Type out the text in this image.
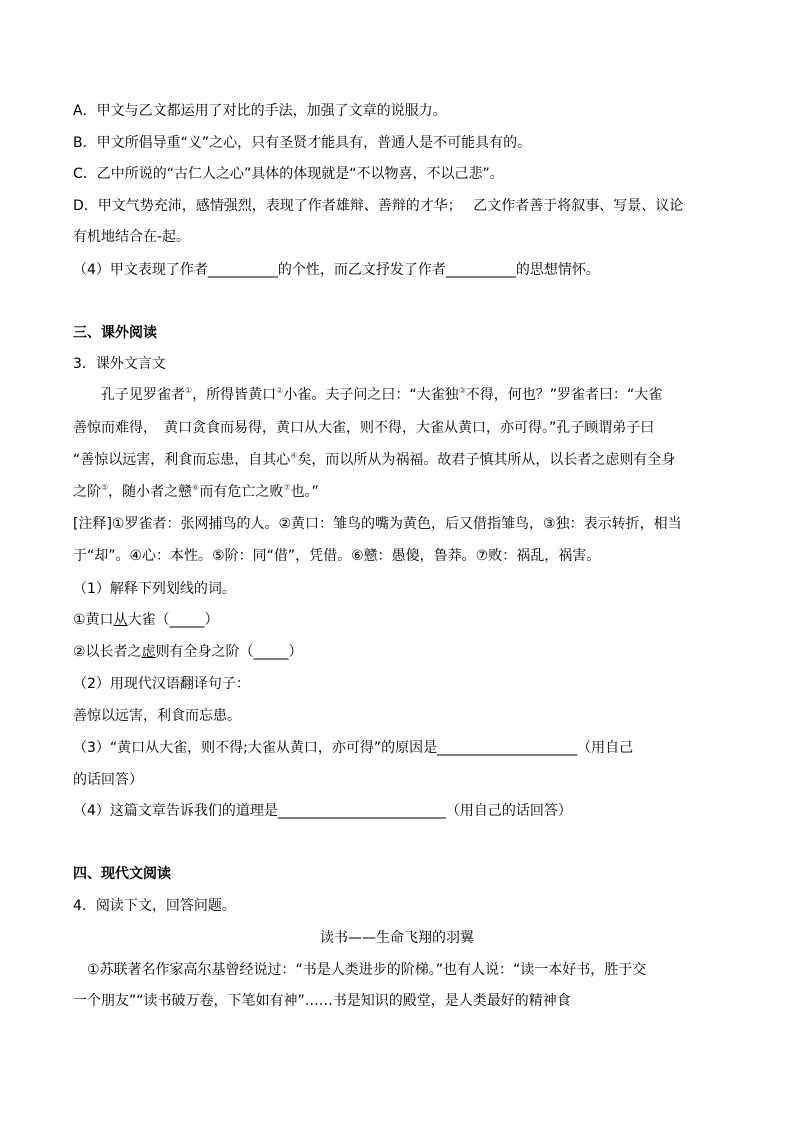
A．甲文与乙文都运用了对比的手法，加强了文章的说服力。
B．甲文所倡导重“义”之心，只有圣贤才能具有，普通人是不可能具有的。
C．乙中所说的“古仁人之心”具体的体现就是“不以物喜，不以己悲”。
D．甲文气势充沛，感情强烈，表现了作者雄辩、善辩的才华；　 乙文作者善于将叙事、写景、议论
有机地结合在-起。
（4）甲文表现了作者__________的个性，而乙文抒发了作者__________的思想情怀。
三、课外阅读
3．课外文言文
孔子见罗雀者①，所得皆黄口②小雀。夫子问之曰：“大雀独③不得，何也？”罗雀者曰：“大雀
善惊而难得，　黄口贪食而易得，黄口从大雀，则不得，大雀从黄口，亦可得。”孔子顾谓弟子曰
“善惊以远害，利食而忘患，自其心④矣，而以所从为祸福。故君子慎其所从，以长者之虑则有全身
之阶⑤，随小者之戆⑥而有危亡之败⑦也。”
[注释]①罗雀者：张网捕鸟的人。②黄口：雏鸟的嘴为黄色，后又借指雏鸟，③独：表示转折，相当
于“却”。④心：本性。⑤阶：同“借”，凭借。⑥戆：愚傻，鲁莽。⑦败：祸乱，祸害。
（1）解释下列划线的词。
①黄口从大雀（_____）
②以长者之虑则有全身之阶（_____）
（2）用现代汉语翻译句子：
善惊以远害，利食而忘患。
（3）“黄口从大雀，则不得;大雀从黄口，亦可得”的原因是____________________（用自己
的话回答）
（4）这篇文章告诉我们的道理是________________________（用自己的话回答）
四、现代文阅读
4．阅读下文，回答问题。
读书——生命飞翔的羽翼
①苏联著名作家高尔基曾经说过：“书是人类进步的阶梯。”也有人说：“读一本好书，胜于交
一个朋友”“读书破万卷，下笔如有神”……书是知识的殿堂，是人类最好的精神食
